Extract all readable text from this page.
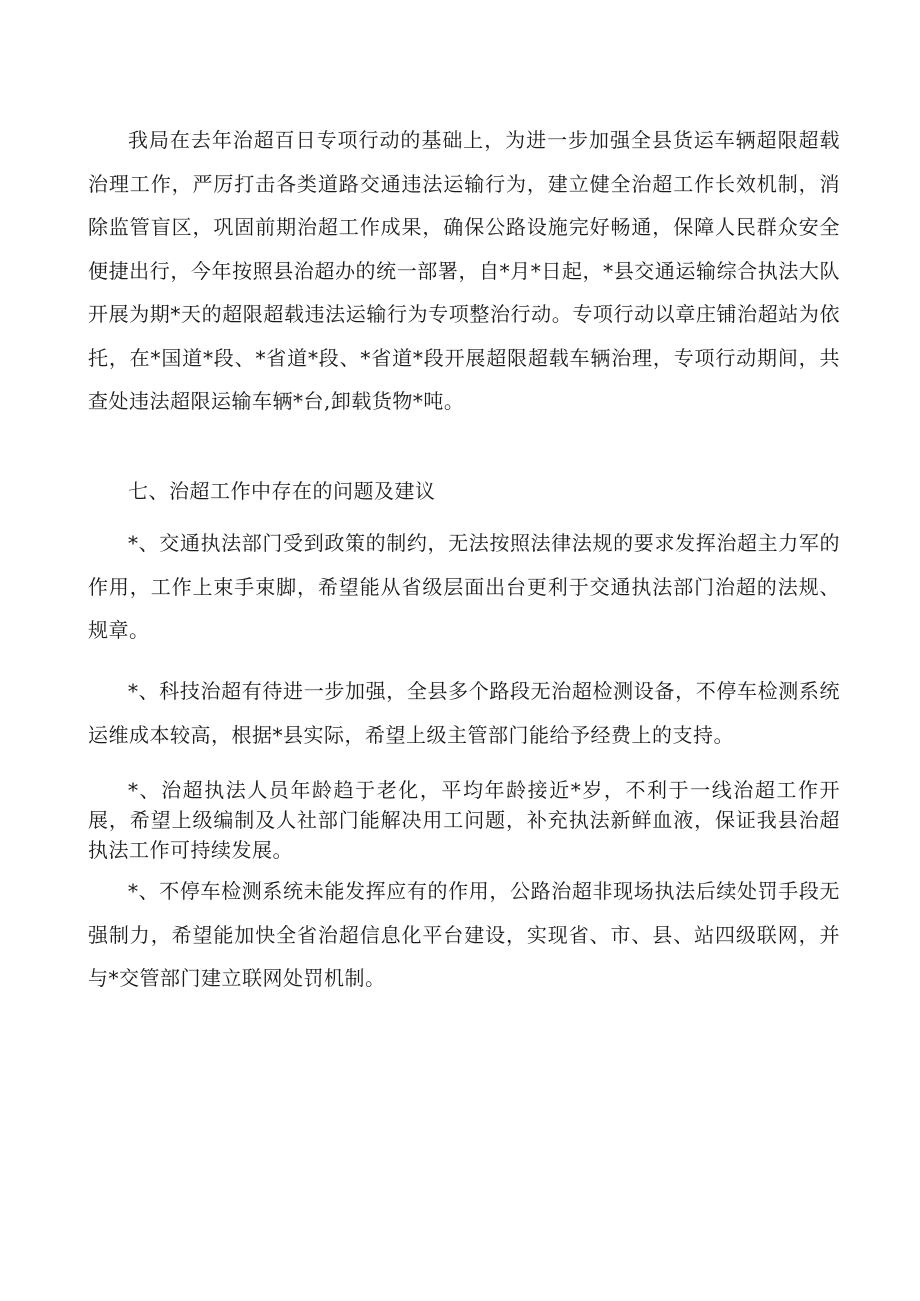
我局在去年治超百日专项行动的基础上，为进一步加强全县货运车辆超限超载治理工作，严厉打击各类道路交通违法运输行为，建立健全治超工作长效机制，消除监管盲区，巩固前期治超工作成果，确保公路设施完好畅通，保障人民群众安全便捷出行，今年按照县治超办的统一部署，自*月*日起，*县交通运输综合执法大队开展为期*天的超限超载违法运输行为专项整治行动。专项行动以章庄铺治超站为依托，在*国道*段、*省道*段、*省道*段开展超限超载车辆治理，专项行动期间，共查处违法超限运输车辆*台,卸载货物*吨。

七、治超工作中存在的问题及建议

*、交通执法部门受到政策的制约，无法按照法律法规的要求发挥治超主力军的作用，工作上束手束脚，希望能从省级层面出台更利于交通执法部门治超的法规、规章。

*、科技治超有待进一步加强，全县多个路段无治超检测设备，不停车检测系统运维成本较高，根据*县实际，希望上级主管部门能给予经费上的支持。

*、治超执法人员年龄趋于老化，平均年龄接近*岁，不利于一线治超工作开展，希望上级编制及人社部门能解决用工问题，补充执法新鲜血液，保证我县治超执法工作可持续发展。

*、不停车检测系统未能发挥应有的作用，公路治超非现场执法后续处罚手段无强制力，希望能加快全省治超信息化平台建设，实现省、市、县、站四级联网，并与*交管部门建立联网处罚机制。
